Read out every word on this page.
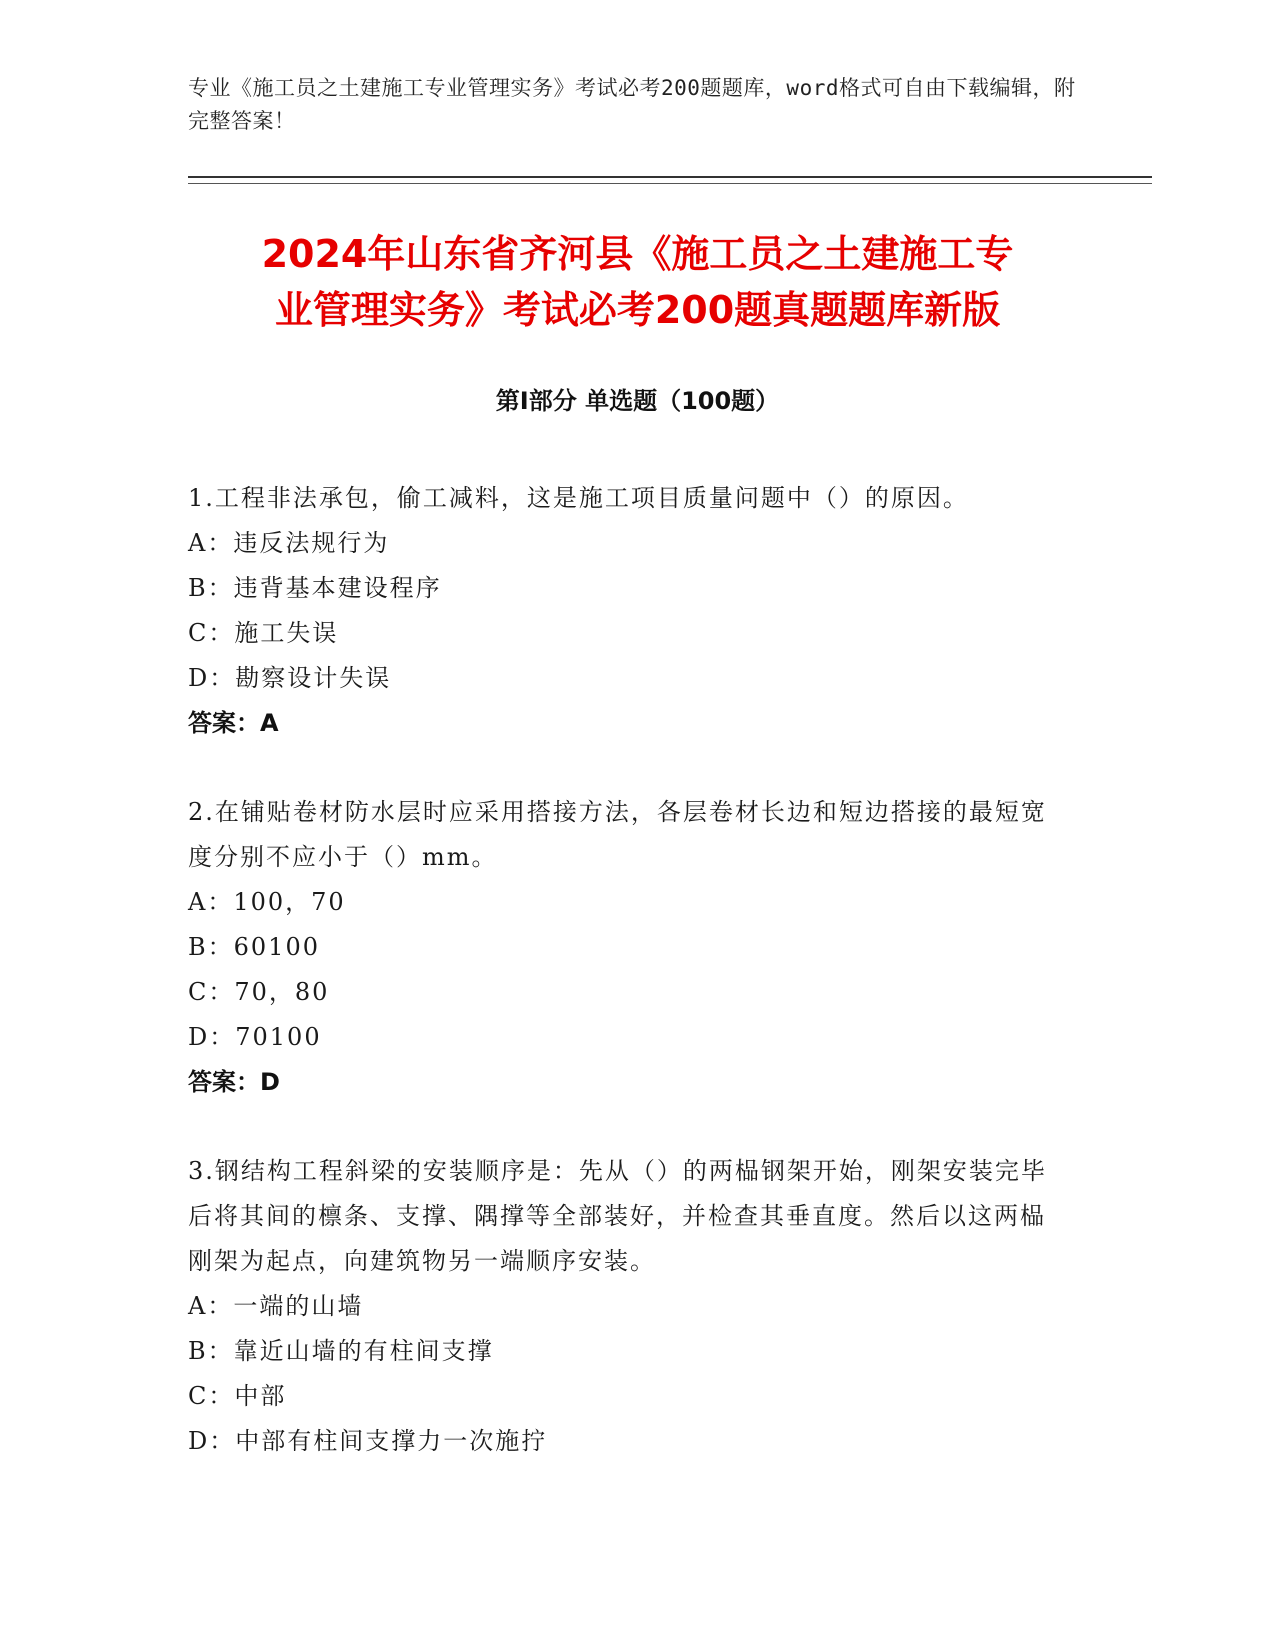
专业《施工员之土建施工专业管理实务》考试必考200题题库，word格式可自由下载编辑，附完整答案！
2024年山东省齐河县《施工员之土建施工专
业管理实务》考试必考200题真题题库新版
第Ⅰ部分 单选题（100题）

1.工程非法承包，偷工减料，这是施工项目质量问题中（）的原因。

A：违反法规行为

B：违背基本建设程序

C：施工失误

D：勘察设计失误

答案：A

2.在铺贴卷材防水层时应采用搭接方法，各层卷材长边和短边搭接的最短宽度分别不应小于（）mm。

A：100，70

B：60100

C：70，80

D：70100

答案：D

3.钢结构工程斜梁的安装顺序是：先从（）的两榀钢架开始，刚架安装完毕后将其间的檩条、支撑、隅撑等全部装好，并检查其垂直度。然后以这两榀刚架为起点，向建筑物另一端顺序安装。

A：一端的山墙

B：靠近山墙的有柱间支撑

C：中部

D：中部有柱间支撑力一次施拧
